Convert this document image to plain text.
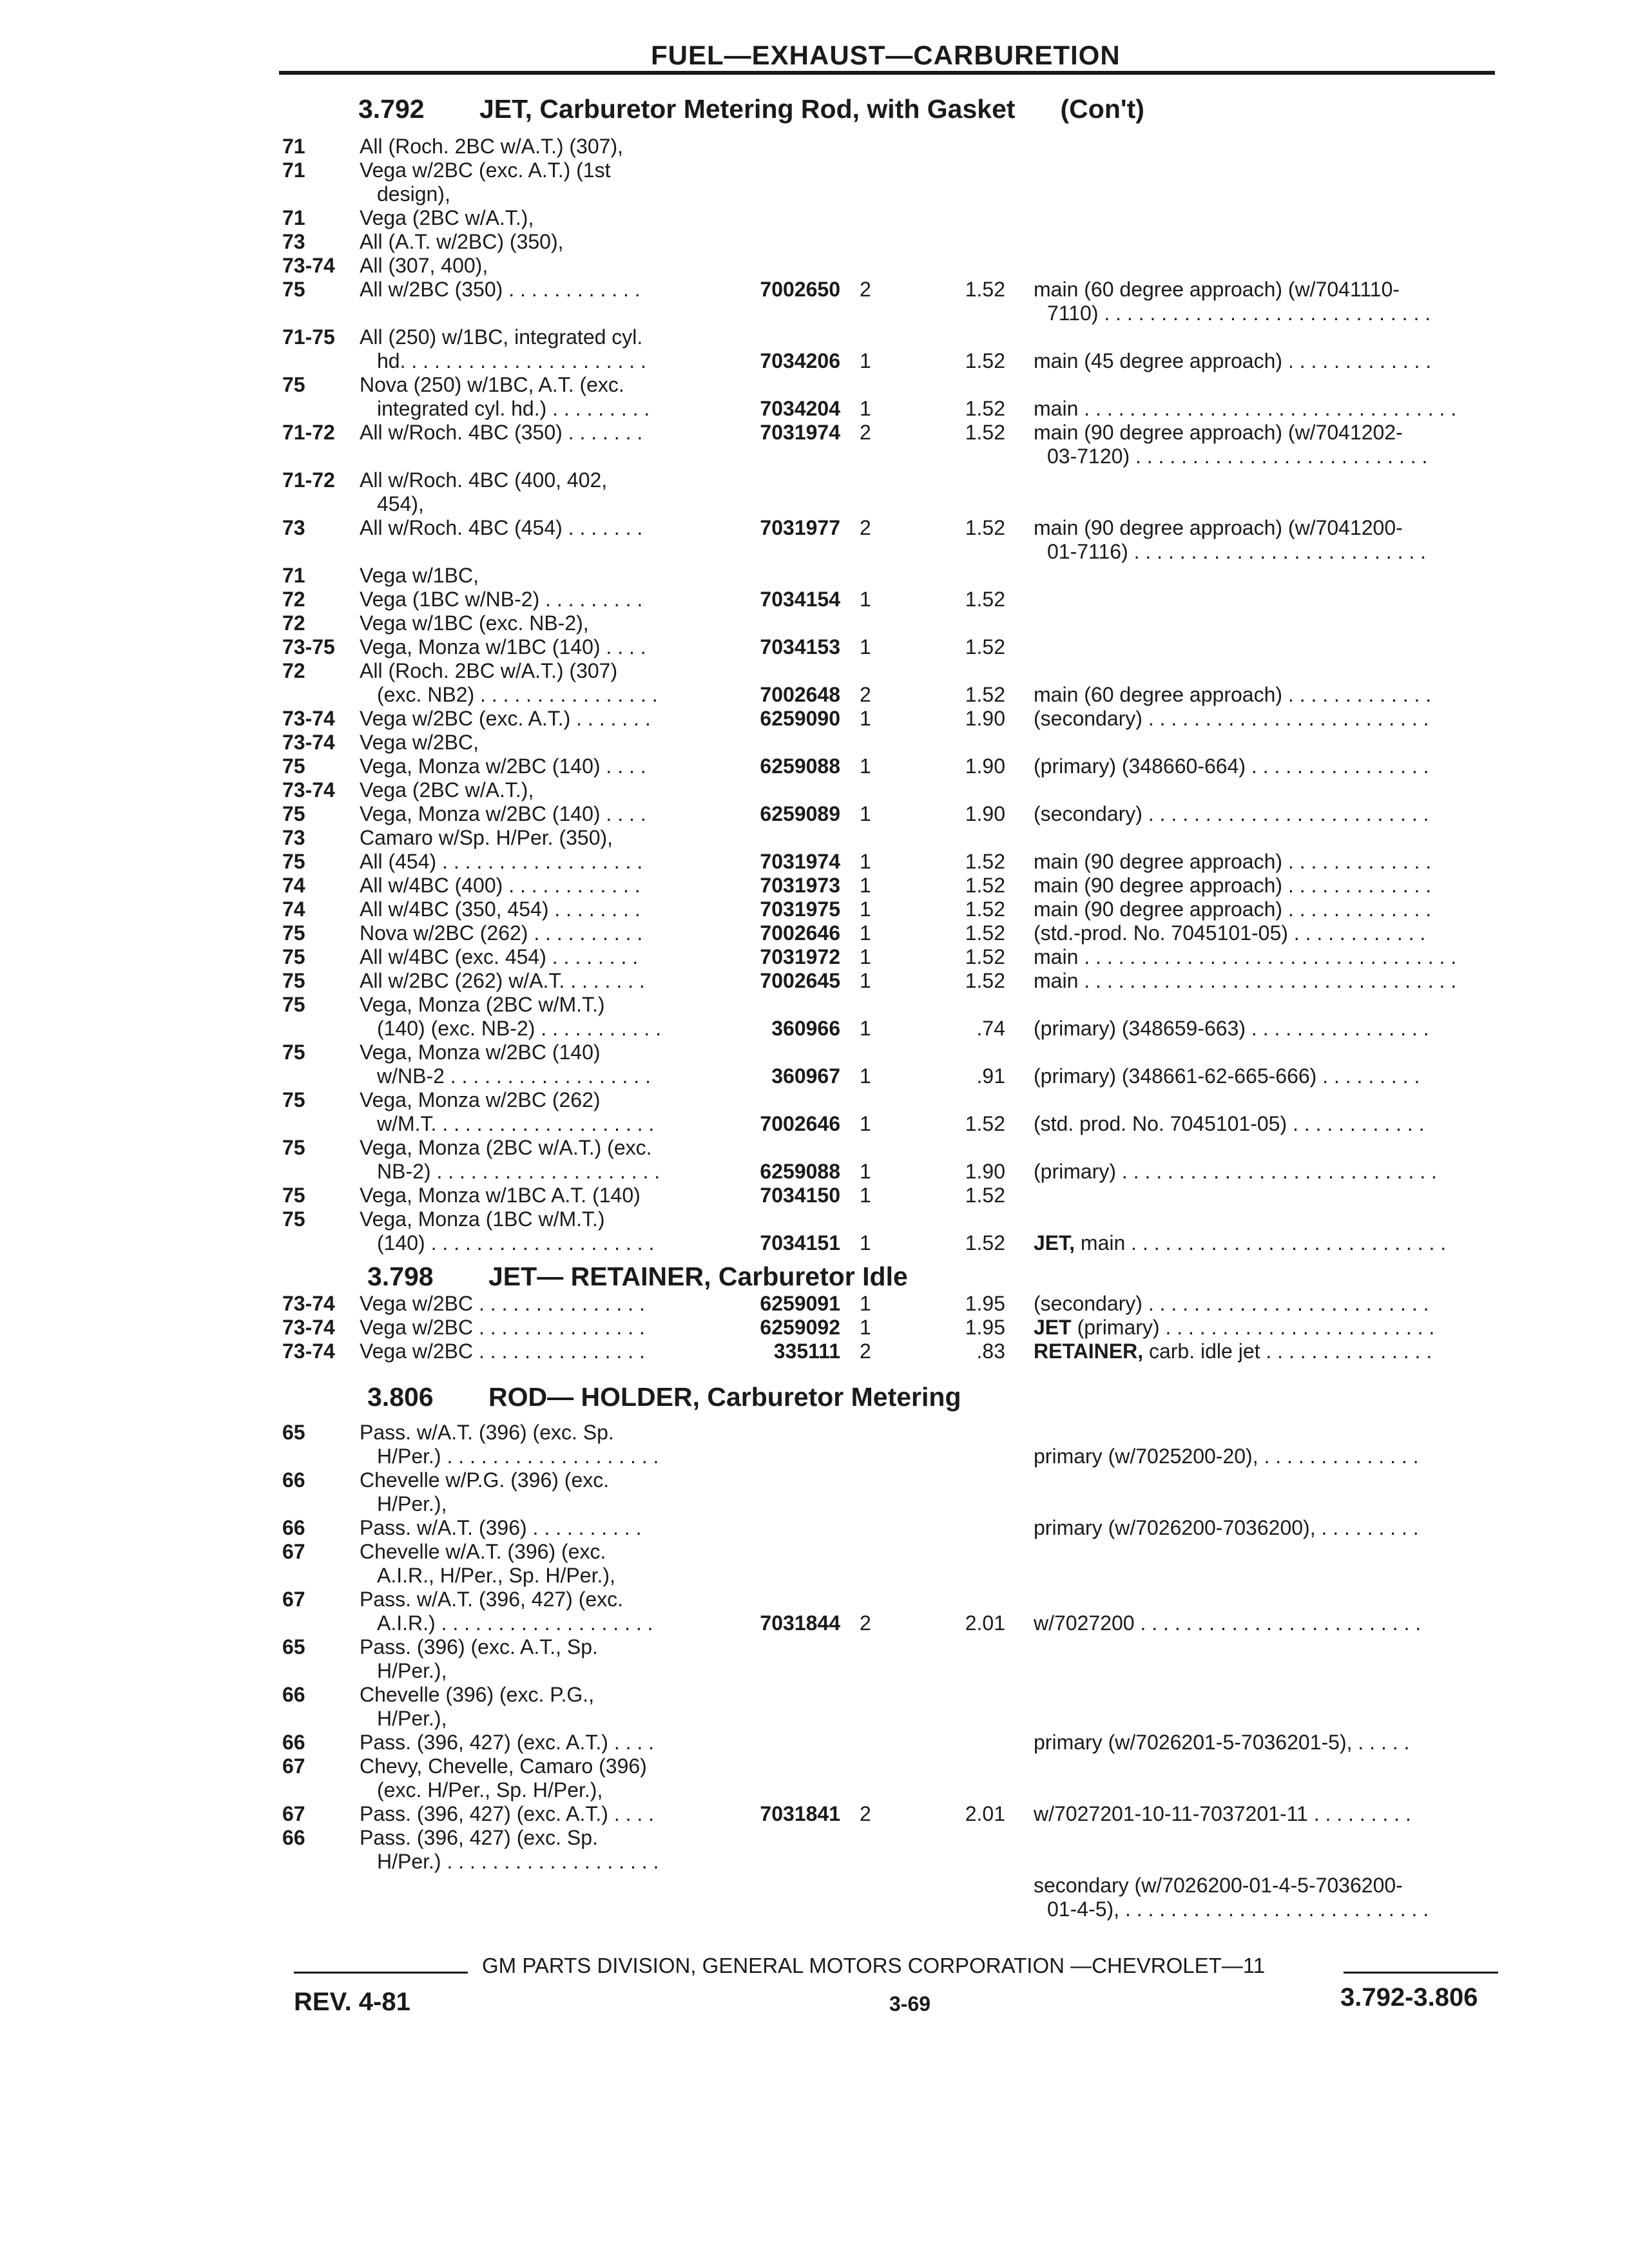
FUEL—EXHAUST—CARBURETION
3.792 JET, Carburetor Metering Rod, with Gasket (Con't)
3.798 JET— RETAINER, Carburetor Idle
3.806 ROD— HOLDER, Carburetor Metering
71	All (Roch. 2BC w/A.T.) (307),
71	Vega w/2BC (exc. A.T.) (1st
design),
71	Vega (2BC w/A.T.),
73	All (A.T. w/2BC) (350),
73-74 All (307, 400),
75	All w/2BC (350) . . . . . . . . . . . .	7002650 2	1.52 main (60 degree approach) (w/7041110-
7110) . . . . . . . . . . . . . . . . . . . . . . . . . . . . .
71-75 All (250) w/1BC, integrated cyl.
hd. . . . . . . . . . . . . . . . . . . . . .	7034206 1	1.52 main (45 degree approach) . . . . . . . . . . . . .
75	Nova (250) w/1BC, A.T. (exc.
integrated cyl. hd.) . . . . . . . . .	7034204 1	1.52 main . . . . . . . . . . . . . . . . . . . . . . . . . . . . . . . . .
71-72 All w/Roch. 4BC (350) . . . . . . .	7031974 2	1.52 main (90 degree approach) (w/7041202-
03-7120) . . . . . . . . . . . . . . . . . . . . . . . . . .
71-72 All w/Roch. 4BC (400, 402,
454),
73	All w/Roch. 4BC (454) . . . . . . .	7031977 2	1.52 main (90 degree approach) (w/7041200-
01-7116) . . . . . . . . . . . . . . . . . . . . . . . . . .
71	Vega w/1BC,
72	Vega (1BC w/NB-2) . . . . . . . . .	7034154 1	1.52
72	Vega w/1BC (exc. NB-2),
73-75 Vega, Monza w/1BC (140) . . . .	7034153 1	1.52
72	All (Roch. 2BC w/A.T.) (307)
(exc. NB2) . . . . . . . . . . . . . . . .	7002648 2	1.52 main (60 degree approach) . . . . . . . . . . . . .
73-74 Vega w/2BC (exc. A.T.) . . . . . . .	6259090 1	1.90 (secondary) . . . . . . . . . . . . . . . . . . . . . . . . .
73-74 Vega w/2BC,
75	Vega, Monza w/2BC (140) . . . .	6259088 1	1.90 (primary) (348660-664) . . . . . . . . . . . . . . . .
73-74 Vega (2BC w/A.T.),
75	Vega, Monza w/2BC (140) . . . .	6259089 1	1.90 (secondary) . . . . . . . . . . . . . . . . . . . . . . . . .
73	Camaro w/Sp. H/Per. (350),
75	All (454) . . . . . . . . . . . . . . . . . .	7031974 1	1.52 main (90 degree approach) . . . . . . . . . . . . .
74	All w/4BC (400) . . . . . . . . . . . .	7031973 1	1.52 main (90 degree approach) . . . . . . . . . . . . .
74	All w/4BC (350, 454) . . . . . . . .	7031975 1	1.52 main (90 degree approach) . . . . . . . . . . . . .
75	Nova w/2BC (262) . . . . . . . . . .	7002646 1	1.52 (std.-prod. No. 7045101-05) . . . . . . . . . . . .
75	All w/4BC (exc. 454) . . . . . . . .	7031972 1	1.52 main . . . . . . . . . . . . . . . . . . . . . . . . . . . . . . . . .
75	All w/2BC (262) w/A.T. . . . . . . .	7002645 1	1.52 main . . . . . . . . . . . . . . . . . . . . . . . . . . . . . . . . .
75	Vega, Monza (2BC w/M.T.)
(140) (exc. NB-2) . . . . . . . . . . .	360966 1	.74 (primary) (348659-663) . . . . . . . . . . . . . . . .
75	Vega, Monza w/2BC (140)
w/NB-2 . . . . . . . . . . . . . . . . . .	360967 1	.91 (primary) (348661-62-665-666) . . . . . . . . .
75	Vega, Monza w/2BC (262)
w/M.T. . . . . . . . . . . . . . . . . . . .	7002646 1	1.52 (std. prod. No. 7045101-05) . . . . . . . . . . . .
75	Vega, Monza (2BC w/A.T.) (exc.
NB-2) . . . . . . . . . . . . . . . . . . . .	6259088 1	1.90 (primary) . . . . . . . . . . . . . . . . . . . . . . . . . . . .
75	Vega, Monza w/1BC A.T. (140)	7034150 1	1.52
75	Vega, Monza (1BC w/M.T.)
(140) . . . . . . . . . . . . . . . . . . . .	7034151 1	1.52 JET, main . . . . . . . . . . . . . . . . . . . . . . . . . . . .
73-74 Vega w/2BC . . . . . . . . . . . . . . .	6259091 1	1.95 (secondary) . . . . . . . . . . . . . . . . . . . . . . . . .
73-74 Vega w/2BC . . . . . . . . . . . . . . .	6259092 1	1.95 JET (primary) . . . . . . . . . . . . . . . . . . . . . . . .
73-74 Vega w/2BC . . . . . . . . . . . . . . .	335111 2	.83 RETAINER, carb. idle jet . . . . . . . . . . . . . . .
65	Pass. w/A.T. (396) (exc. Sp.
H/Per.) . . . . . . . . . . . . . . . . . . .	primary (w/7025200-20), . . . . . . . . . . . . . .
66	Chevelle w/P.G. (396) (exc.
H/Per.),
66	Pass. w/A.T. (396) . . . . . . . . . .	primary (w/7026200-7036200), . . . . . . . . .
67	Chevelle w/A.T. (396) (exc.
A.I.R., H/Per., Sp. H/Per.),
67	Pass. w/A.T. (396, 427) (exc.
A.I.R.) . . . . . . . . . . . . . . . . . . .	7031844 2	2.01 w/7027200 . . . . . . . . . . . . . . . . . . . . . . . . .
65	Pass. (396) (exc. A.T., Sp.
H/Per.),
66	Chevelle (396) (exc. P.G.,
H/Per.),
66	Pass. (396, 427) (exc. A.T.) . . . .	primary (w/7026201-5-7036201-5), . . . . .
67	Chevy, Chevelle, Camaro (396)
(exc. H/Per., Sp. H/Per.),
67	Pass. (396, 427) (exc. A.T.) . . . .	7031841 2	2.01 w/7027201-10-11-7037201-11 . . . . . . . . .
66	Pass. (396, 427) (exc. Sp.
H/Per.) . . . . . . . . . . . . . . . . . . .
secondary (w/7026200-01-4-5-7036200-
01-4-5), . . . . . . . . . . . . . . . . . . . . . . . . . . .
GM PARTS DIVISION, GENERAL MOTORS CORPORATION —CHEVROLET—11
REV. 4-81	3-69	3.792-3.806
